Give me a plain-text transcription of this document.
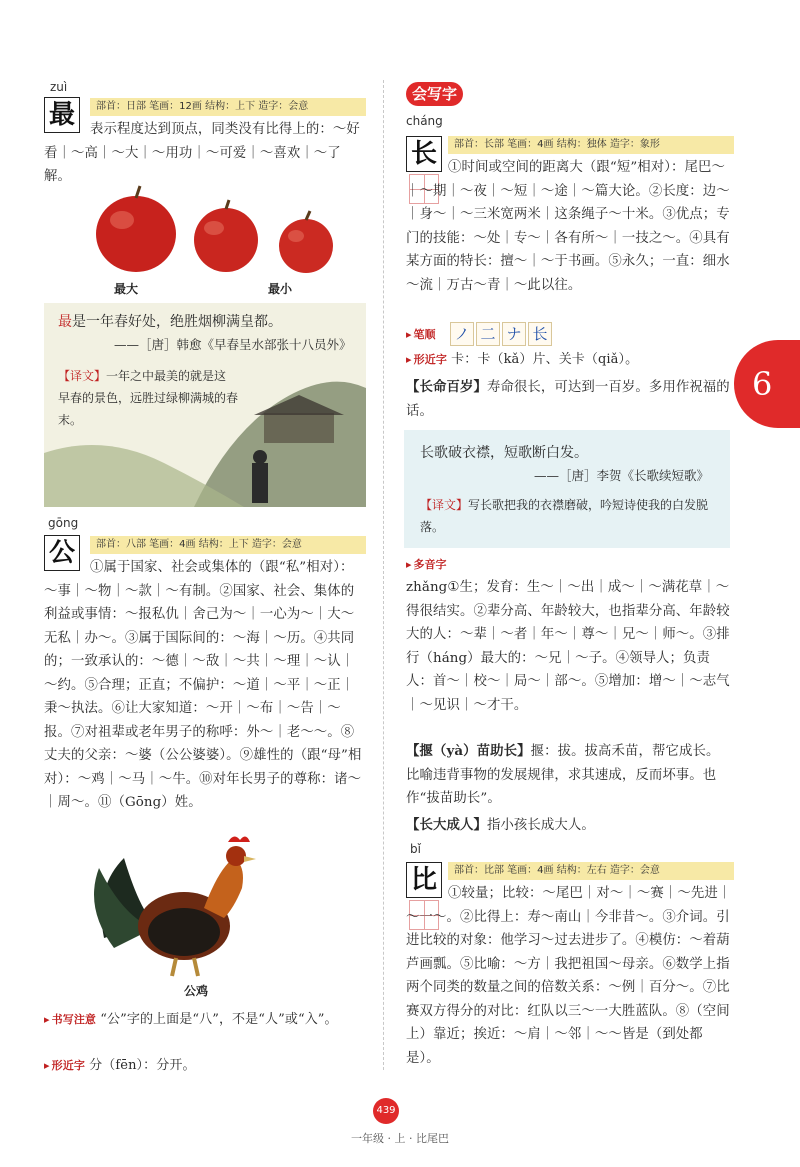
zuì
最	部首：日部 笔画：12画 结构：上下 造字：会意
表示程度达到顶点，同类没有比得上的：～好看｜～高｜～大｜～用功｜～可爱｜～喜欢｜～了解。
最大	最小
最是一年春好处，绝胜烟柳满皇都。
——［唐］韩愈《早春呈水部张十八员外》
【译文】一年之中最美的就是这早春的景色，远胜过绿柳满城的春末。
gōng
公	部首：八部 笔画：4画 结构：上下 造字：会意
①属于国家、社会或集体的（跟“私”相对）：～事｜～物｜～款｜～有制。②国家、社会、集体的利益或事情：～报私仇｜舍己为～｜一心为～｜大～无私｜办～。③属于国际间的：～海｜～历。④共同的；一致承认的：～德｜～敌｜～共｜～理｜～认｜～约。⑤合理；正直；不偏护：～道｜～平｜～正｜秉～执法。⑥让大家知道：～开｜～布｜～告｜～报。⑦对祖辈或老年男子的称呼：外～｜老～～。⑧丈夫的父亲：～婆（公公婆婆）。⑨雄性的（跟“母”相对）：～鸡｜～马｜～牛。⑩对年长男子的尊称：诸～｜周～。⑪（Gōng）姓。
公鸡
▸ 书写注意 “公”字的上面是“八”，不是“人”或“入”。
▸ 形近字 分（fēn）：分开。
会写字
cháng
长	部首：长部 笔画：4画 结构：独体 造字：象形
①时间或空间的距离大（跟“短”相对）：尾巴～｜～期｜～夜｜～短｜～途｜～篇大论。②长度：边～｜身～｜～三米宽两米｜这条绳子～十米。③优点；专门的技能：～处｜专～｜各有所～｜一技之～。④具有某方面的特长：擅～｜～于书画。⑤永久；一直：细水～流｜万古～青｜～此以往。
▸ 笔顺 ノ 二 ナ 长
▸ 形近字 卡：卡（kǎ）片、关卡（qiǎ）。
【长命百岁】寿命很长，可达到一百岁。多用作祝福的话。
长歌破衣襟，短歌断白发。
——［唐］李贺《长歌续短歌》
【译文】写长歌把我的衣襟磨破，吟短诗使我的白发脱落。
▸ 多音字
zhǎng①生；发育：生～｜～出｜成～｜～满花草｜～得很结实。②辈分高、年龄较大，也指辈分高、年龄较大的人：～辈｜～者｜年～｜尊～｜兄～｜师～。③排行（háng）最大的：～兄｜～子。④领导人；负责人：首～｜校～｜局～｜部～。⑤增加：增～｜～志气｜～见识｜～才干。
【揠（yà）苗助长】揠：拔。拔高禾苗，帮它成长。比喻违背事物的发展规律，求其速成，反而坏事。也作“拔苗助长”。
【长大成人】指小孩长成大人。
bǐ
比	部首：比部 笔画：4画 结构：左右 造字：会意
①较量；比较：～尾巴｜对～｜～赛｜～先进｜～一～。②比得上：寿～南山｜今非昔～。③介词。引进比较的对象：他学习～过去进步了。④模仿：～着葫芦画瓢。⑤比喻：～方｜我把祖国～母亲。⑥数学上指两个同类的数量之间的倍数关系：～例｜百分～。⑦比赛双方得分的对比：红队以三～一大胜蓝队。⑧（空间上）靠近；挨近：～肩｜～邻｜～～皆是（到处都是）。
6
439
一年级 · 上 · 比尾巴
